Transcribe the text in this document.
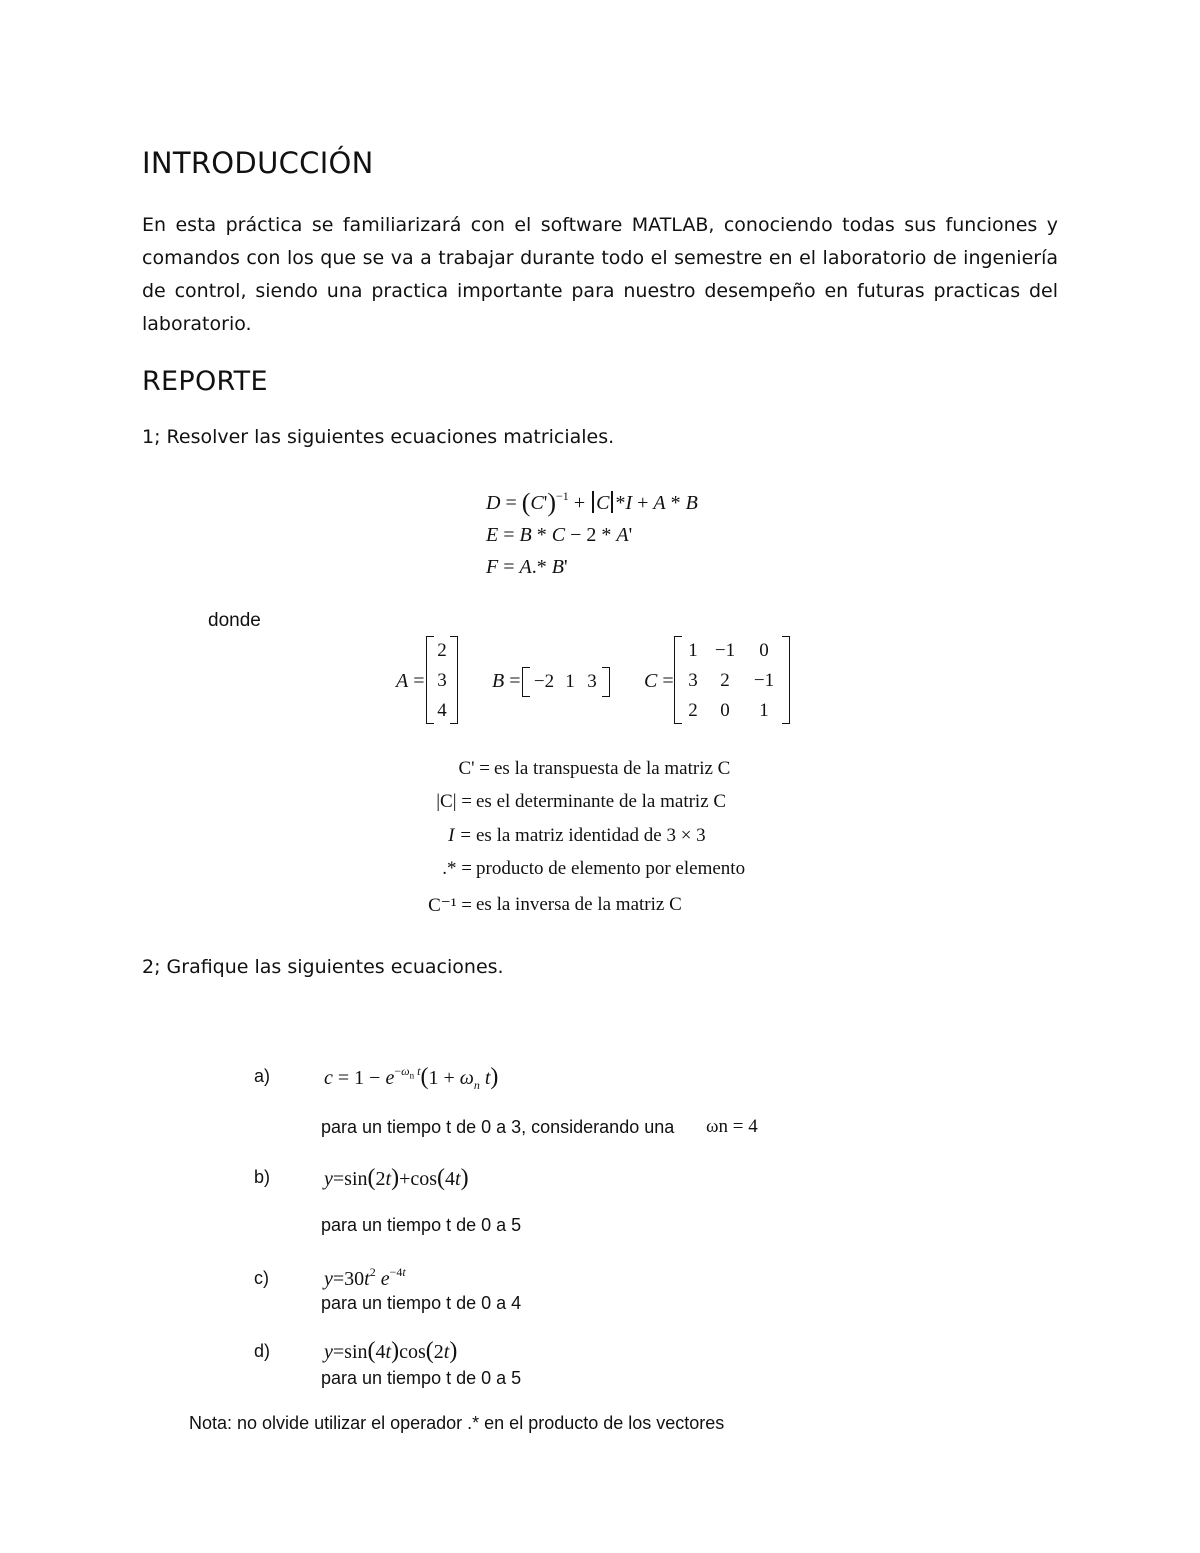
INTRODUCCIÓN
En esta práctica se familiarizará con el software MATLAB, conociendo todas sus funciones y comandos con los que se va a trabajar durante todo el semestre en el laboratorio de ingeniería de control, siendo una practica importante para nuestro desempeño en futuras practicas del laboratorio.
REPORTE
1; Resolver las siguientes ecuaciones matriciales.
$D = (C')^{-1} + C$ *I + A * B
E = B * C − 2 * A'
F = A.* B'
donde
A =
2
3
4
B = −2 1 3 C =
1 −1	0
3	2	−1
2	0	1
C' = es la transpuesta de la matriz C
|C| = es el determinante de la matriz C
I = es la matriz identidad de 3 × 3
.* = producto de elemento por elemento
C⁻¹ = es la inversa de la matriz C
2; Grafique las siguientes ecuaciones.
a)	$c = 1 - e^{-\omega_n t}(1 + \omega_n$ t)
para un tiempo t de 0 a 3, considerando una ωn = 4
b)	y=sin(2t)+cos(4t)
para un tiempo t de 0 a 5
c)	$y=30t^2$ $e^{-4t}$
para un tiempo t de 0 a 4
d)	y=sin(4t)cos(2t)
para un tiempo t de 0 a 5
Nota: no olvide utilizar el operador .* en el producto de los vectores
